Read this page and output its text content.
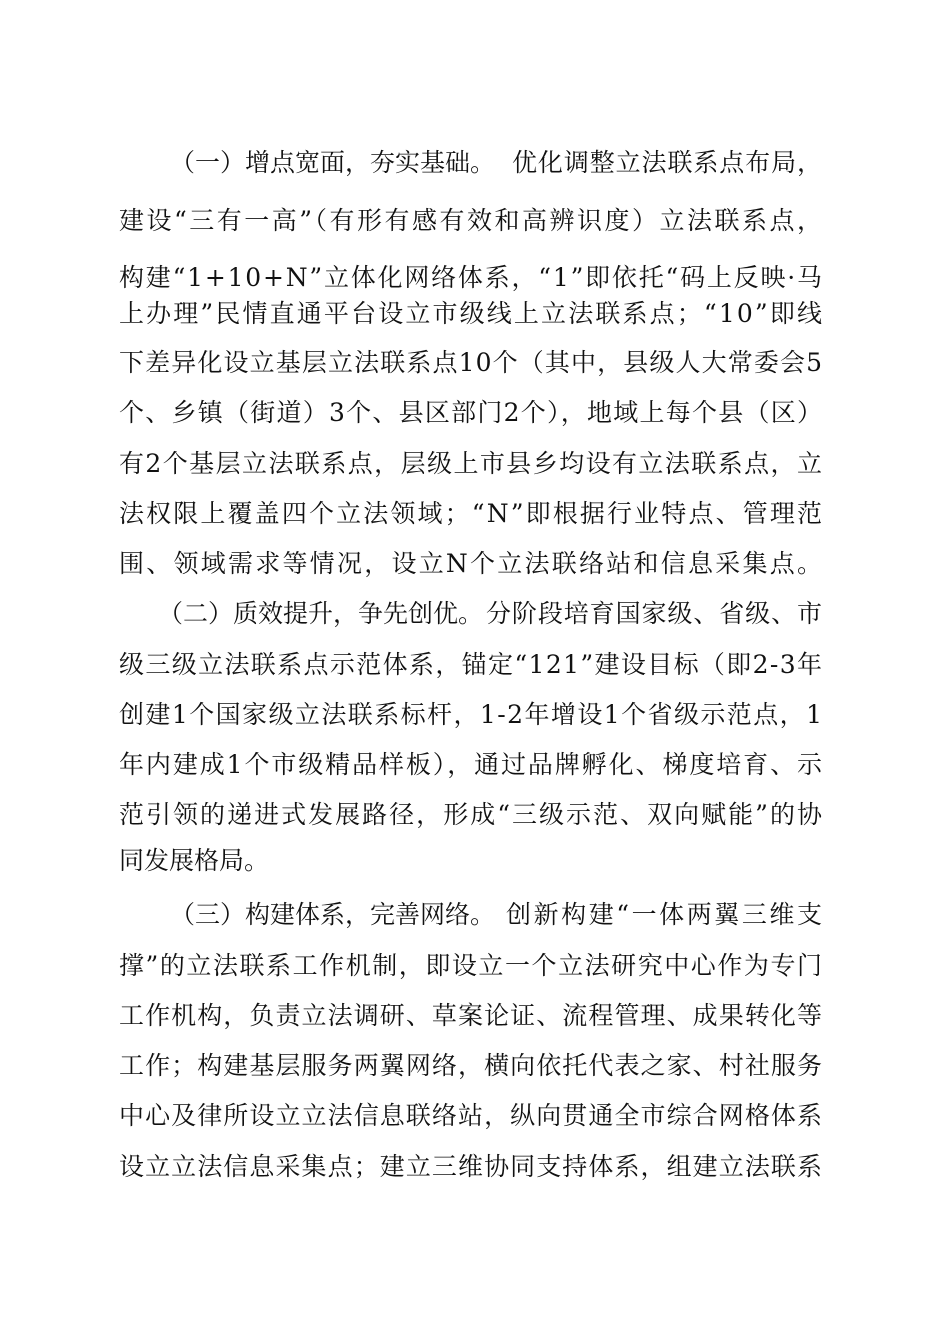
（一）增点宽面，夯实基础。 优化调整立法联系点布局，
建设“三有一高”（有形有感有效和高辨识度）立法联系点，
构建“1+10+N”立体化网络体系，“1”即依托“码上反映·马
上办理”民情直通平台设立市级线上立法联系点；“10”即线
下差异化设立基层立法联系点10个（其中，县级人大常委会5
个、乡镇（街道）3个、县区部门2个），地域上每个县（区）
有2个基层立法联系点，层级上市县乡均设有立法联系点，立
法权限上覆盖四个立法领域；“N”即根据行业特点、管理范
围、领域需求等情况，设立N个立法联络站和信息采集点。
（二）质效提升，争先创优。 分阶段培育国家级、省级、市
级三级立法联系点示范体系，锚定“121”建设目标（即2-3年
创建1个国家级立法联系标杆，1-2年增设1个省级示范点，1
年内建成1个市级精品样板），通过品牌孵化、梯度培育、示
范引领的递进式发展路径，形成“三级示范、双向赋能”的协
同发展格局。
（三）构建体系，完善网络。 创新构建“一体两翼三维支
撑”的立法联系工作机制，即设立一个立法研究中心作为专门
工作机构，负责立法调研、草案论证、流程管理、成果转化等
工作；构建基层服务两翼网络，横向依托代表之家、村社服务
中心及律所设立立法信息联络站，纵向贯通全市综合网格体系
设立立法信息采集点；建立三维协同支持体系，组建立法联系
